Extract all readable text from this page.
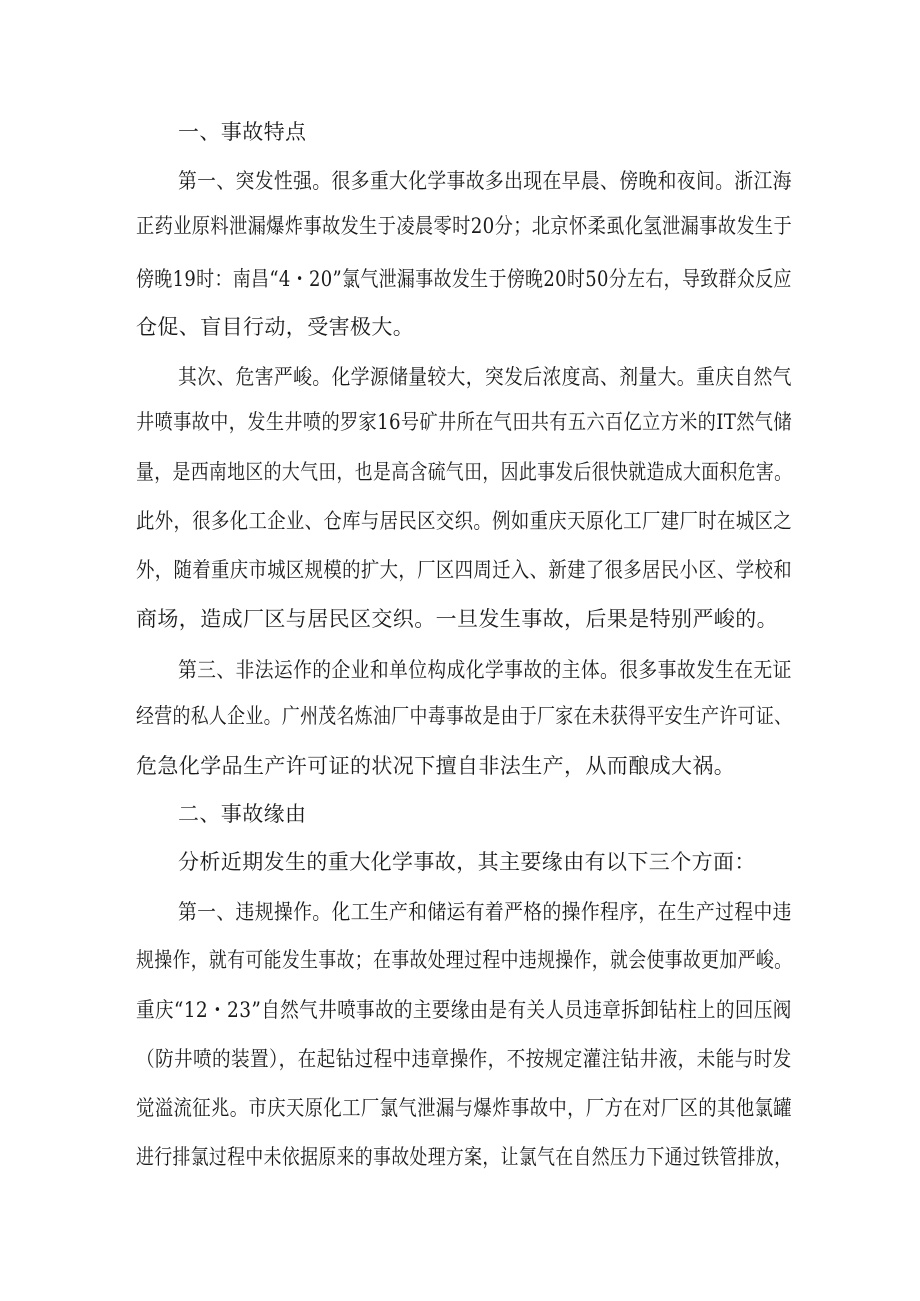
一、事故特点
第一、突发性强。很多重大化学事故多出现在早晨、傍晚和夜间。浙江海
正药业原料泄漏爆炸事故发生于凌晨零时20分；北京怀柔虱化氢泄漏事故发生于
傍晚19时：南昌“4・20”氯气泄漏事故发生于傍晚20时50分左右，导致群众反应
仓促、盲目行动，受害极大。
其次、危害严峻。化学源储量较大，突发后浓度高、剂量大。重庆自然气
井喷事故中，发生井喷的罗家16号矿井所在气田共有五六百亿立方米的IT然气储
量，是西南地区的大气田，也是高含硫气田，因此事发后很快就造成大面积危害。
此外，很多化工企业、仓库与居民区交织。例如重庆天原化工厂建厂时在城区之
外，随着重庆市城区规模的扩大，厂区四周迁入、新建了很多居民小区、学校和
商场，造成厂区与居民区交织。一旦发生事故，后果是特别严峻的。
第三、非法运作的企业和单位构成化学事故的主体。很多事故发生在无证
经营的私人企业。广州茂名炼油厂中毒事故是由于厂家在未获得平安生产许可证、
危急化学品生产许可证的状况下擅自非法生产，从而酿成大祸。
二、事故缘由
分析近期发生的重大化学事故，其主要缘由有以下三个方面：
第一、违规操作。化工生产和储运有着严格的操作程序，在生产过程中违
规操作，就有可能发生事故；在事故处理过程中违规操作，就会使事故更加严峻。
重庆“12・23”自然气井喷事故的主要缘由是有关人员违章拆卸钻柱上的回压阀
（防井喷的装置），在起钻过程中违章操作，不按规定灌注钻井液，未能与时发
觉溢流征兆。市庆天原化工厂氯气泄漏与爆炸事故中，厂方在对厂区的其他氯罐
进行排氯过程中未依据原来的事故处理方案，让氯气在自然压力下通过铁管排放，
